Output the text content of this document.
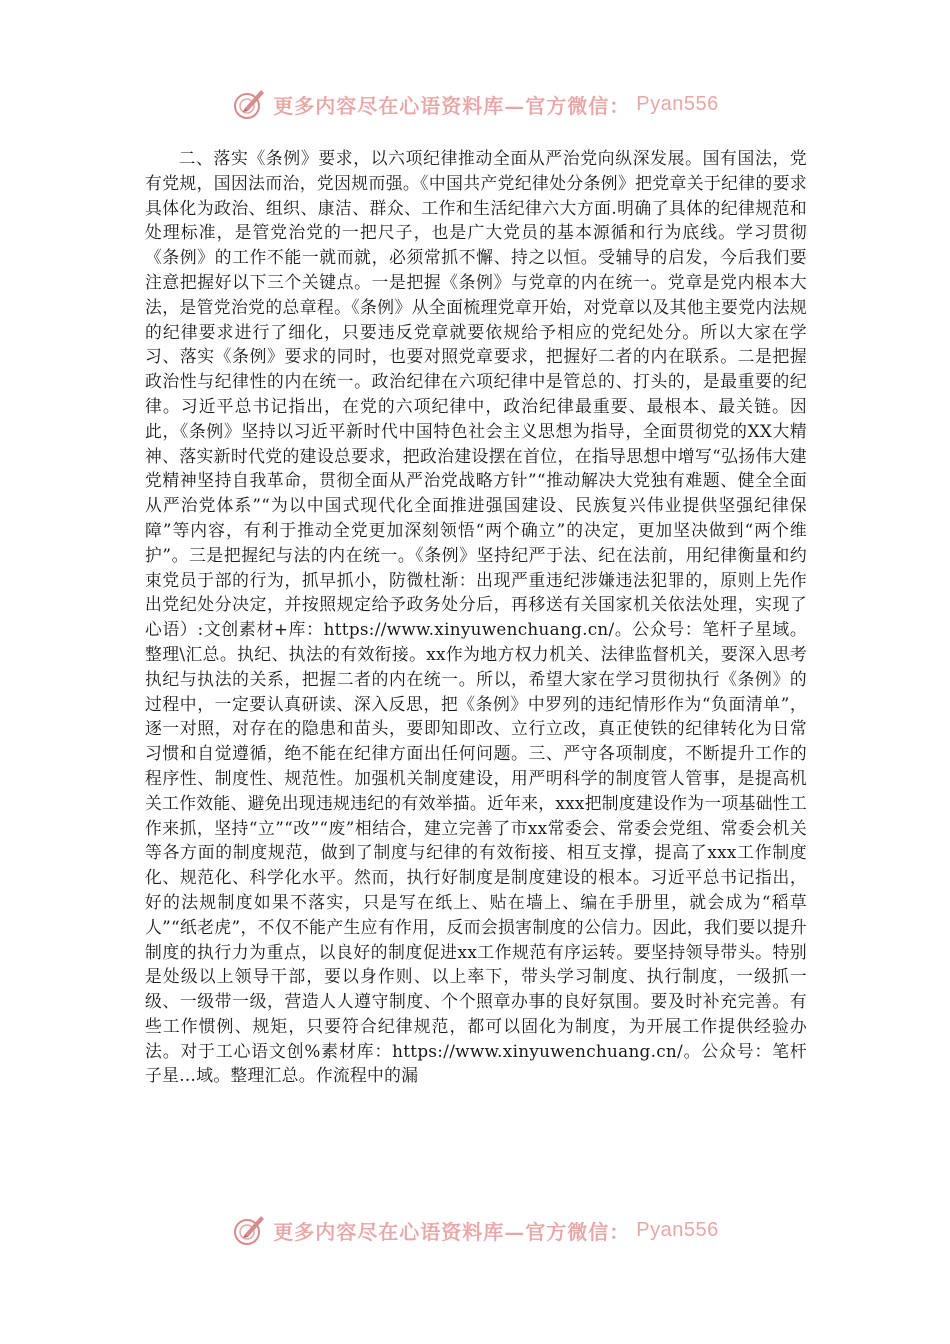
更多内容尽在心语资料库—官方微信： Pyan556

二、落实《条例》要求，以六项纪律推动全面从严治党向纵深发展。国有国法，党有党规，国因法而治，党因规而强。《中国共产党纪律处分条例》把党章关于纪律的要求具体化为政治、组织、康洁、群众、工作和生活纪律六大方面.明确了具体的纪律规范和处理标准，是管党治党的一把尺子，也是广大党员的基本源循和行为底线。学习贯彻《条例》的工作不能一就而就，必须常抓不懈、持之以恒。受辅导的启发，今后我们要注意把握好以下三个关键点。一是把握《条例》与党章的内在统一。党章是党内根本大法，是管党治党的总章程。《条例》从全面梳理党章开始，对党章以及其他主要党内法规的纪律要求进行了细化，只要违反党章就要依规给予相应的党纪处分。所以大家在学习、落实《条例》要求的同时，也要对照党章要求，把握好二者的内在联系。二是把握政治性与纪律性的内在统一。政治纪律在六项纪律中是管总的、打头的，是最重要的纪律。习近平总书记指出，在党的六项纪律中，政治纪律最重要、最根本、最关链。因此，《条例》坚持以习近平新时代中国特色社会主义思想为指导，全面贯彻党的XX大精神、落实新时代党的建设总要求，把政治建设摆在首位，在指导思想中增写“弘扬伟大建党精神坚持自我革命，贯彻全面从严治党战略方针”“推动解决大党独有难题、健全全面从严治党体系”“为以中国式现代化全面推进强国建设、民族复兴伟业提供坚强纪律保障”等内容，有利于推动全党更加深刻领悟“两个确立”的决定，更加坚决做到“两个维护”。三是把握纪与法的内在统一。《条例》坚持纪严于法、纪在法前，用纪律衡量和约束党员于部的行为，抓早抓小，防微杜渐：出现严重违纪涉嫌违法犯罪的，原则上先作出党纪处分决定，并按照规定给予政务处分后，再移送有关国家机关依法处理，实现了心语）:文创素材+库：https://www.xinyuwenchuang.cn/。公众号：笔杆子星域。整理\汇总。执纪、执法的有效衔接。xx作为地方权力机关、法律监督机关，要深入思考执纪与执法的关系，把握二者的内在统一。所以，希望大家在学习贯彻执行《条例》的过程中，一定要认真研读、深入反思，把《条例》中罗列的违纪情形作为“负面清单”，逐一对照，对存在的隐患和苗头，要即知即改、立行立改，真正使铁的纪律转化为日常习惯和自觉遵循，绝不能在纪律方面出任何问题。三、严守各项制度，不断提升工作的程序性、制度性、规范性。加强机关制度建设，用严明科学的制度管人管事，是提高机关工作效能、避免出现违规违纪的有效举描。近年来，xxx把制度建设作为一项基础性工作来抓，坚持“立”“改”“废”相结合，建立完善了市xx常委会、常委会党组、常委会机关等各方面的制度规范，做到了制度与纪律的有效衔接、相互支撑，提高了xxx工作制度化、规范化、科学化水平。然而，执行好制度是制度建设的根本。习近平总书记指出，好的法规制度如果不落实，只是写在纸上、贴在墙上、编在手册里，就会成为“稻草人”“纸老虎”，不仅不能产生应有作用，反而会损害制度的公信力。因此，我们要以提升制度的执行力为重点，以良好的制度促进xx工作规范有序运转。要坚持领导带头。特别是处级以上领导干部，要以身作则、以上率下，带头学习制度、执行制度，一级抓一级、一级带一级，营造人人遵守制度、个个照章办事的良好氛围。要及时补充完善。有些工作惯例、规矩，只要符合纪律规范，都可以固化为制度，为开展工作提供经验办法。对于工心语文创%素材库：https://www.xinyuwenchuang.cn/。公众号：笔杆子星…域。整理汇总。作流程中的漏

更多内容尽在心语资料库—官方微信： Pyan556
